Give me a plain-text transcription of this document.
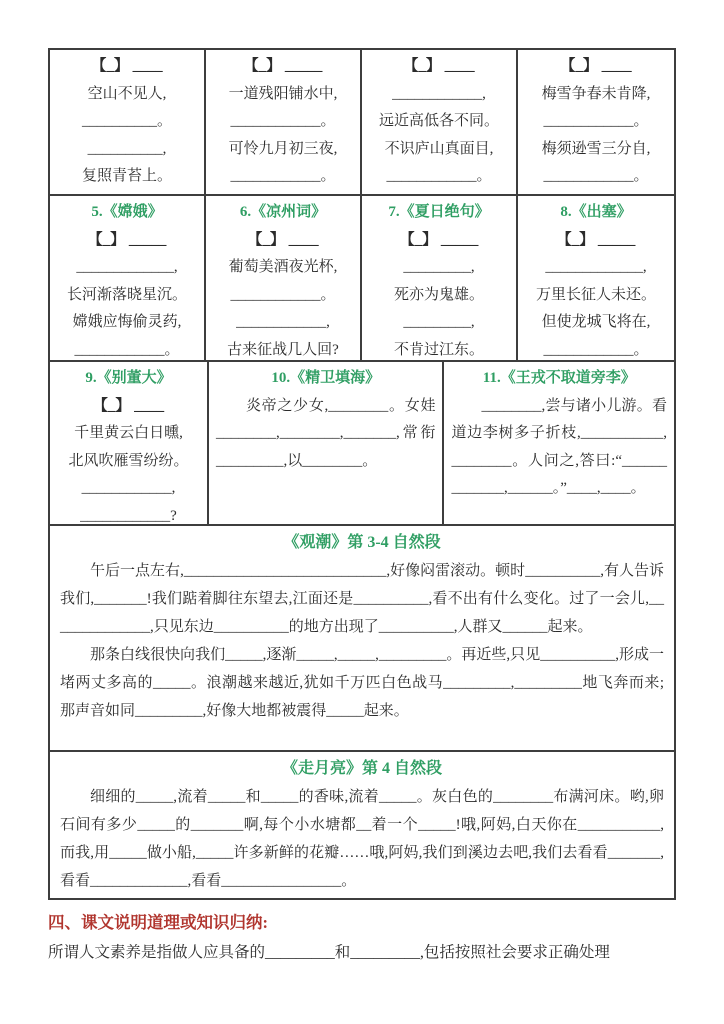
【_】 ____
空山不见人,
__________。
__________,
复照青苔上。
【_】 _____
一道残阳铺水中,
____________。
可怜九月初三夜,
____________。
【_】 ____
____________,
远近高低各不同。
不识庐山真面目,
____________。
【_】 ____
梅雪争春未肯降,
____________。
梅须逊雪三分自,
____________。
5.《嫦娥》
【_】 _____
_____________,
长河渐落晓星沉。
嫦娥应悔偷灵药,
____________。
6.《凉州词》
【_】 ____
葡萄美酒夜光杯,
____________。
____________,
古来征战几人回?
7.《夏日绝句》
【_】 _____
_________,
死亦为鬼雄。
_________,
不肯过江东。
8.《出塞》
【_】 _____
_____________,
万里长征人未还。
但使龙城飞将在,
____________。
9.《别董大》
【_】 ____
千里黄云白日曛,
北风吹雁雪纷纷。
____________,
____________?
10.《精卫填海》
炎帝之少女,________。女娃________,________,_______,常衔_________,以________。
11.《王戎不取道旁李》
________,尝与诸小儿游。看道边李树多子折枝,___________,________。人问之,答曰:“_____________,______。”____,____。
《观潮》第 3-4 自然段
午后一点左右,___________________________,好像闷雷滚动。顿时__________,有人告诉我们,_______!我们踮着脚往东望去,江面还是__________,看不出有什么变化。过了一会儿,______________,只见东边__________的地方出现了__________,人群又______起来。
那条白线很快向我们_____,逐渐_____,_____,_________。再近些,只见__________,形成一堵两丈多高的_____。浪潮越来越近,犹如千万匹白色战马_________,_________地飞奔而来;那声音如同_________,好像大地都被震得_____起来。
《走月亮》第 4 自然段
细细的_____,流着_____和_____的香味,流着_____。灰白色的________布满河床。哟,卵石间有多少_____的_______啊,每个小水塘都__着一个_____!哦,阿妈,白天你在___________,而我,用_____做小船,_____许多新鲜的花瓣……哦,阿妈,我们到溪边去吧,我们去看看_______,看看_____________,看看________________。
四、课文说明道理或知识归纳:
所谓人文素养是指做人应具备的_________和_________,包括按照社会要求正确处理
